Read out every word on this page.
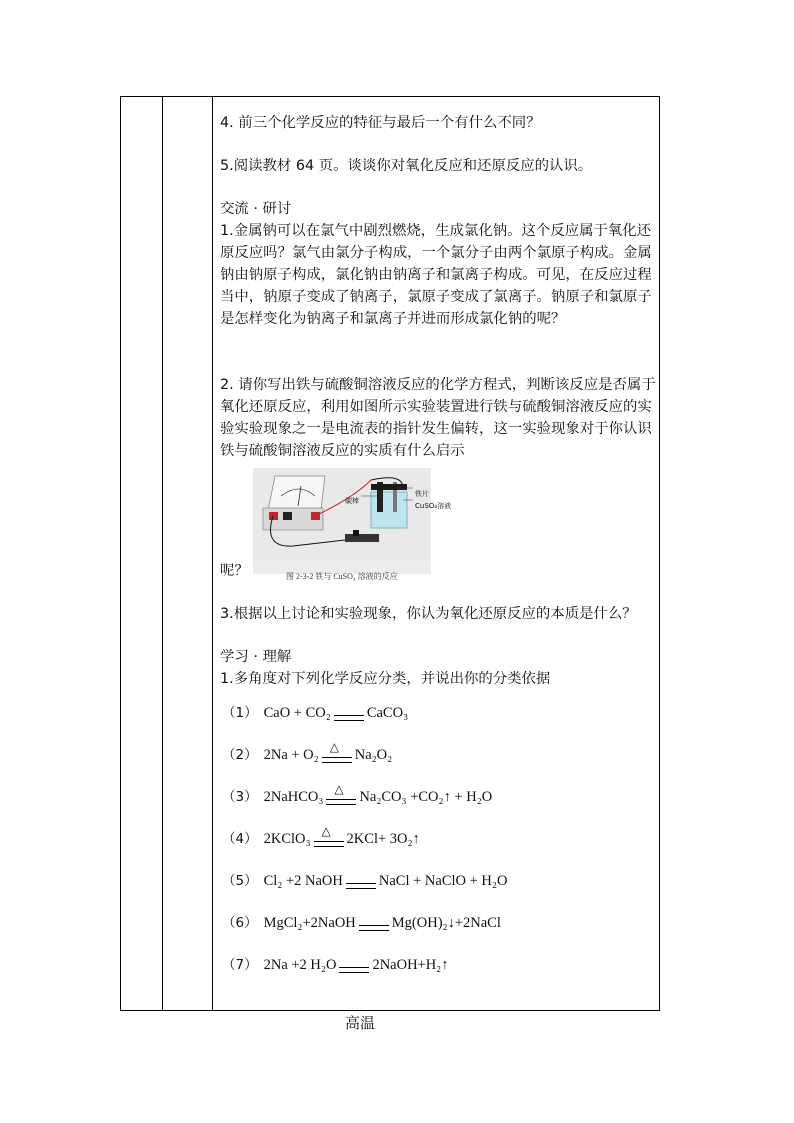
4. 前三个化学反应的特征与最后一个有什么不同？

5.阅读教材 64 页。谈谈你对氧化反应和还原反应的认识。

交流 · 研讨

1.金属钠可以在氯气中剧烈燃烧，生成氯化钠。这个反应属于氧化还原反应吗？氯气由氯分子构成，一个氯分子由两个氯原子构成。金属钠由钠原子构成，氯化钠由钠离子和氯离子构成。可见，在反应过程当中，钠原子变成了钠离子，氯原子变成了氯离子。钠原子和氯原子是怎样变化为钠离子和氯离子并进而形成氯化钠的呢？

2. 请你写出铁与硫酸铜溶液反应的化学方程式，判断该反应是否属于氧化还原反应，利用如图所示实验装置进行铁与硫酸铜溶液反应的实验实验现象之一是电流表的指针发生偏转，这一实验现象对于你认识铁与硫酸铜溶液反应的实质有什么启示

碳棒
铁片
CuSO₄溶液
图 2-3-2 铁与 CuSO₄ 溶液的反应

呢？

3.根据以上讨论和实验现象，你认为氧化还原反应的本质是什么？

学习 · 理解

1.多角度对下列化学反应分类，并说出你的分类依据

（1） CaO + CO₂ CaCO₃
（2） 2Na + O₂ △ Na₂O₂
（3） 2NaHCO₃ △ Na₂CO₃ +CO₂↑ + H₂O
（4） 2KClO₃ △ 2KCl+ 3O₂↑
（5） Cl₂ +2 NaOH NaCl + NaClO + H₂O
（6） MgCl₂+2NaOH Mg(OH)₂↓+2NaCl
（7） 2Na +2 H₂O 2NaOH+H₂↑
高温
